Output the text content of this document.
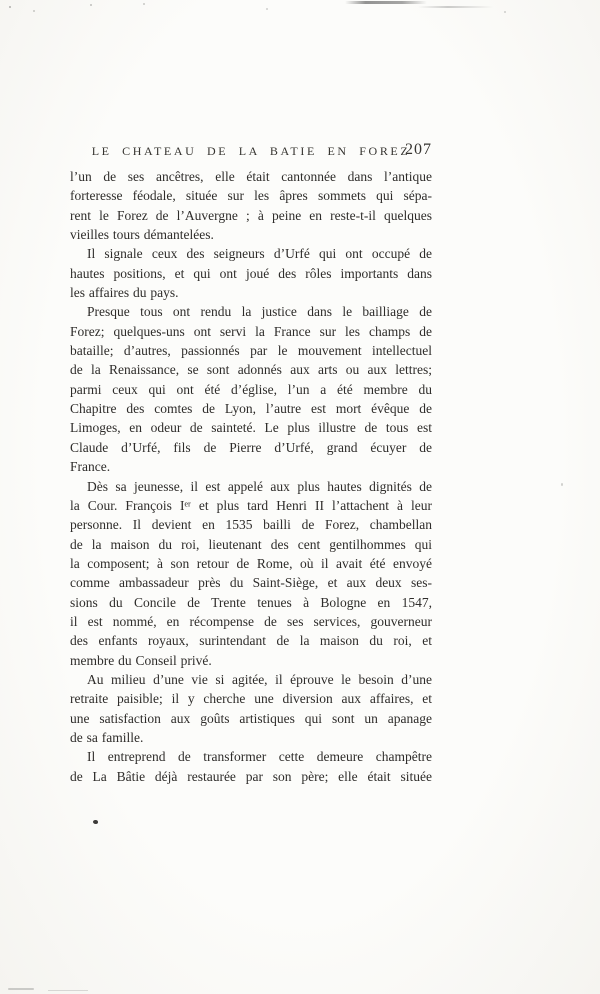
LE CHATEAU DE LA BATIE EN FOREZ
207
l’un de ses ancêtres, elle était cantonnée dans l’antique
forteresse féodale, située sur les âpres sommets qui sépa-
rent le Forez de l’Auvergne ; à peine en reste-t-il quelques
vieilles tours démantelées.
Il signale ceux des seigneurs d’Urfé qui ont occupé de
hautes positions, et qui ont joué des rôles importants dans
les affaires du pays.
Presque tous ont rendu la justice dans le bailliage de
Forez; quelques-uns ont servi la France sur les champs de
bataille; d’autres, passionnés par le mouvement intellectuel
de la Renaissance, se sont adonnés aux arts ou aux lettres;
parmi ceux qui ont été d’église, l’un a été membre du
Chapitre des comtes de Lyon, l’autre est mort évêque de
Limoges, en odeur de sainteté. Le plus illustre de tous est
Claude d’Urfé, fils de Pierre d’Urfé, grand écuyer de
France.
Dès sa jeunesse, il est appelé aux plus hautes dignités de
la Cour. François Iᵉʳ et plus tard Henri II l’attachent à leur
personne. Il devient en 1535 bailli de Forez, chambellan
de la maison du roi, lieutenant des cent gentilhommes qui
la composent; à son retour de Rome, où il avait été envoyé
comme ambassadeur près du Saint-Siège, et aux deux ses-
sions du Concile de Trente tenues à Bologne en 1547,
il est nommé, en récompense de ses services, gouverneur
des enfants royaux, surintendant de la maison du roi, et
membre du Conseil privé.
Au milieu d’une vie si agitée, il éprouve le besoin d’une
retraite paisible; il y cherche une diversion aux affaires, et
une satisfaction aux goûts artistiques qui sont un apanage
de sa famille.
Il entreprend de transformer cette demeure champêtre
de La Bâtie déjà restaurée par son père; elle était située
